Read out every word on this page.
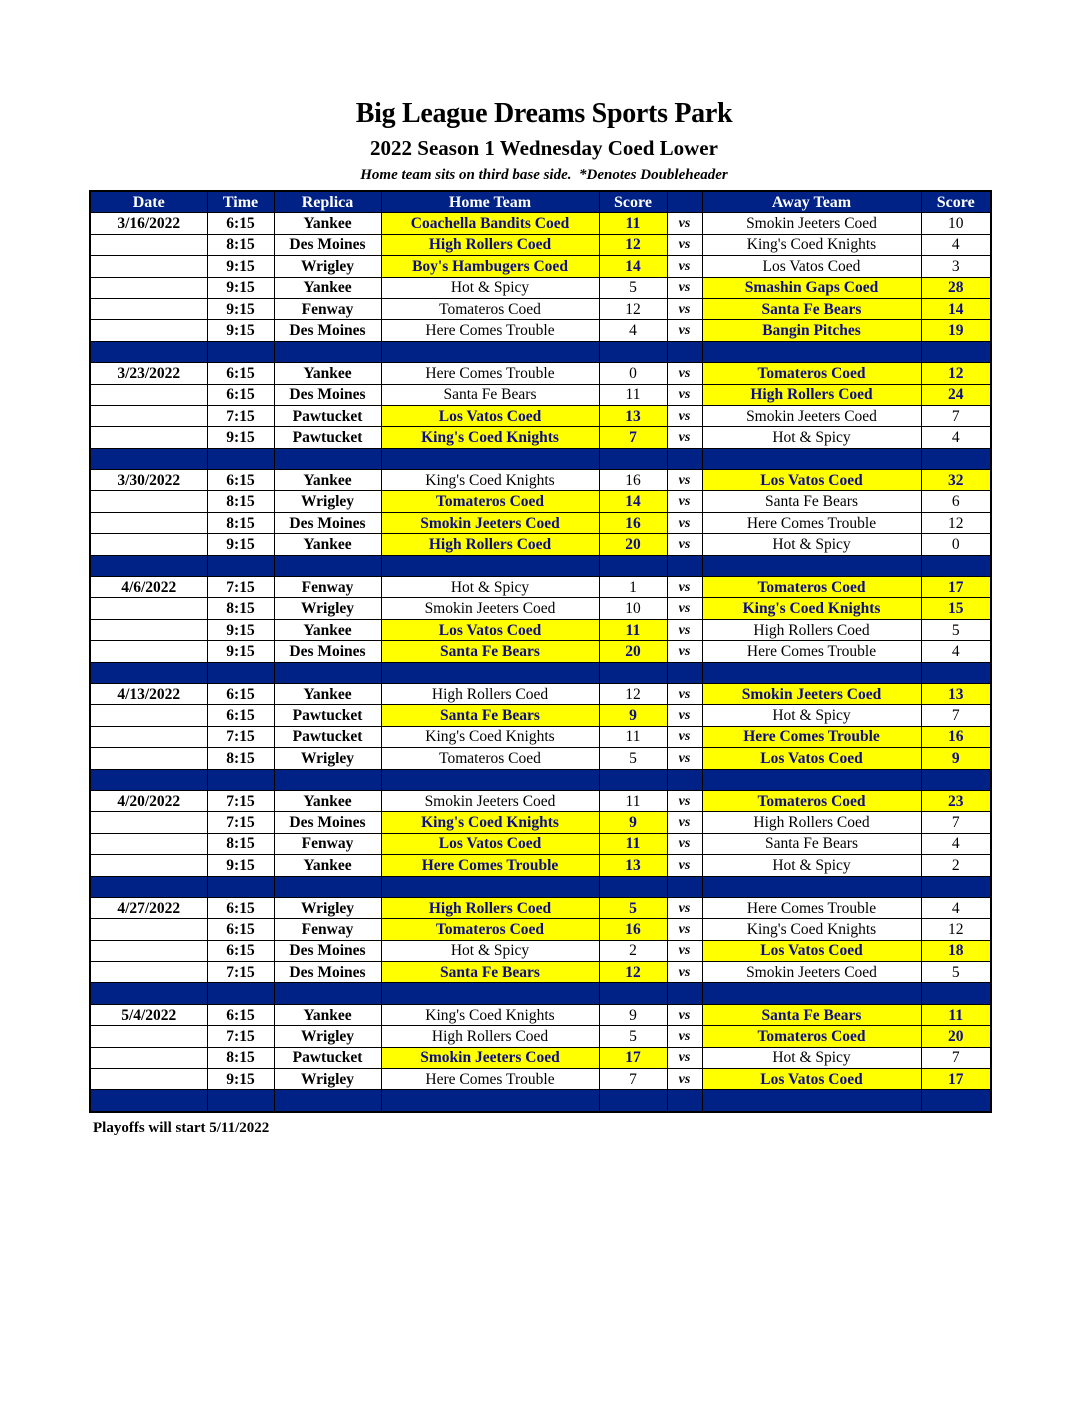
Big League Dreams Sports Park
2022 Season 1 Wednesday Coed Lower

Home team sits on third base side.  *Denotes Doubleheader

Date	Time	Replica	Home Team	Score		Away Team	Score
3/16/2022	6:15	Yankee	Coachella Bandits Coed	11	vs	Smokin Jeeters Coed	10
	8:15	Des Moines	High Rollers Coed	12	vs	King's Coed Knights	4
	9:15	Wrigley	Boy's Hambugers Coed	14	vs	Los Vatos Coed	3
	9:15	Yankee	Hot & Spicy	5	vs	Smashin Gaps Coed	28
	9:15	Fenway	Tomateros Coed	12	vs	Santa Fe Bears	14
	9:15	Des Moines	Here Comes Trouble	4	vs	Bangin Pitches	19

3/23/2022	6:15	Yankee	Here Comes Trouble	0	vs	Tomateros Coed	12
	6:15	Des Moines	Santa Fe Bears	11	vs	High Rollers Coed	24
	7:15	Pawtucket	Los Vatos Coed	13	vs	Smokin Jeeters Coed	7
	9:15	Pawtucket	King's Coed Knights	7	vs	Hot & Spicy	4

3/30/2022	6:15	Yankee	King's Coed Knights	16	vs	Los Vatos Coed	32
	8:15	Wrigley	Tomateros Coed	14	vs	Santa Fe Bears	6
	8:15	Des Moines	Smokin Jeeters Coed	16	vs	Here Comes Trouble	12
	9:15	Yankee	High Rollers Coed	20	vs	Hot & Spicy	0

4/6/2022	7:15	Fenway	Hot & Spicy	1	vs	Tomateros Coed	17
	8:15	Wrigley	Smokin Jeeters Coed	10	vs	King's Coed Knights	15
	9:15	Yankee	Los Vatos Coed	11	vs	High Rollers Coed	5
	9:15	Des Moines	Santa Fe Bears	20	vs	Here Comes Trouble	4

4/13/2022	6:15	Yankee	High Rollers Coed	12	vs	Smokin Jeeters Coed	13
	6:15	Pawtucket	Santa Fe Bears	9	vs	Hot & Spicy	7
	7:15	Pawtucket	King's Coed Knights	11	vs	Here Comes Trouble	16
	8:15	Wrigley	Tomateros Coed	5	vs	Los Vatos Coed	9

4/20/2022	7:15	Yankee	Smokin Jeeters Coed	11	vs	Tomateros Coed	23
	7:15	Des Moines	King's Coed Knights	9	vs	High Rollers Coed	7
	8:15	Fenway	Los Vatos Coed	11	vs	Santa Fe Bears	4
	9:15	Yankee	Here Comes Trouble	13	vs	Hot & Spicy	2

4/27/2022	6:15	Wrigley	High Rollers Coed	5	vs	Here Comes Trouble	4
	6:15	Fenway	Tomateros Coed	16	vs	King's Coed Knights	12
	6:15	Des Moines	Hot & Spicy	2	vs	Los Vatos Coed	18
	7:15	Des Moines	Santa Fe Bears	12	vs	Smokin Jeeters Coed	5

5/4/2022	6:15	Yankee	King's Coed Knights	9	vs	Santa Fe Bears	11
	7:15	Wrigley	High Rollers Coed	5	vs	Tomateros Coed	20
	8:15	Pawtucket	Smokin Jeeters Coed	17	vs	Hot & Spicy	7
	9:15	Wrigley	Here Comes Trouble	7	vs	Los Vatos Coed	17

Playoffs will start 5/11/2022
